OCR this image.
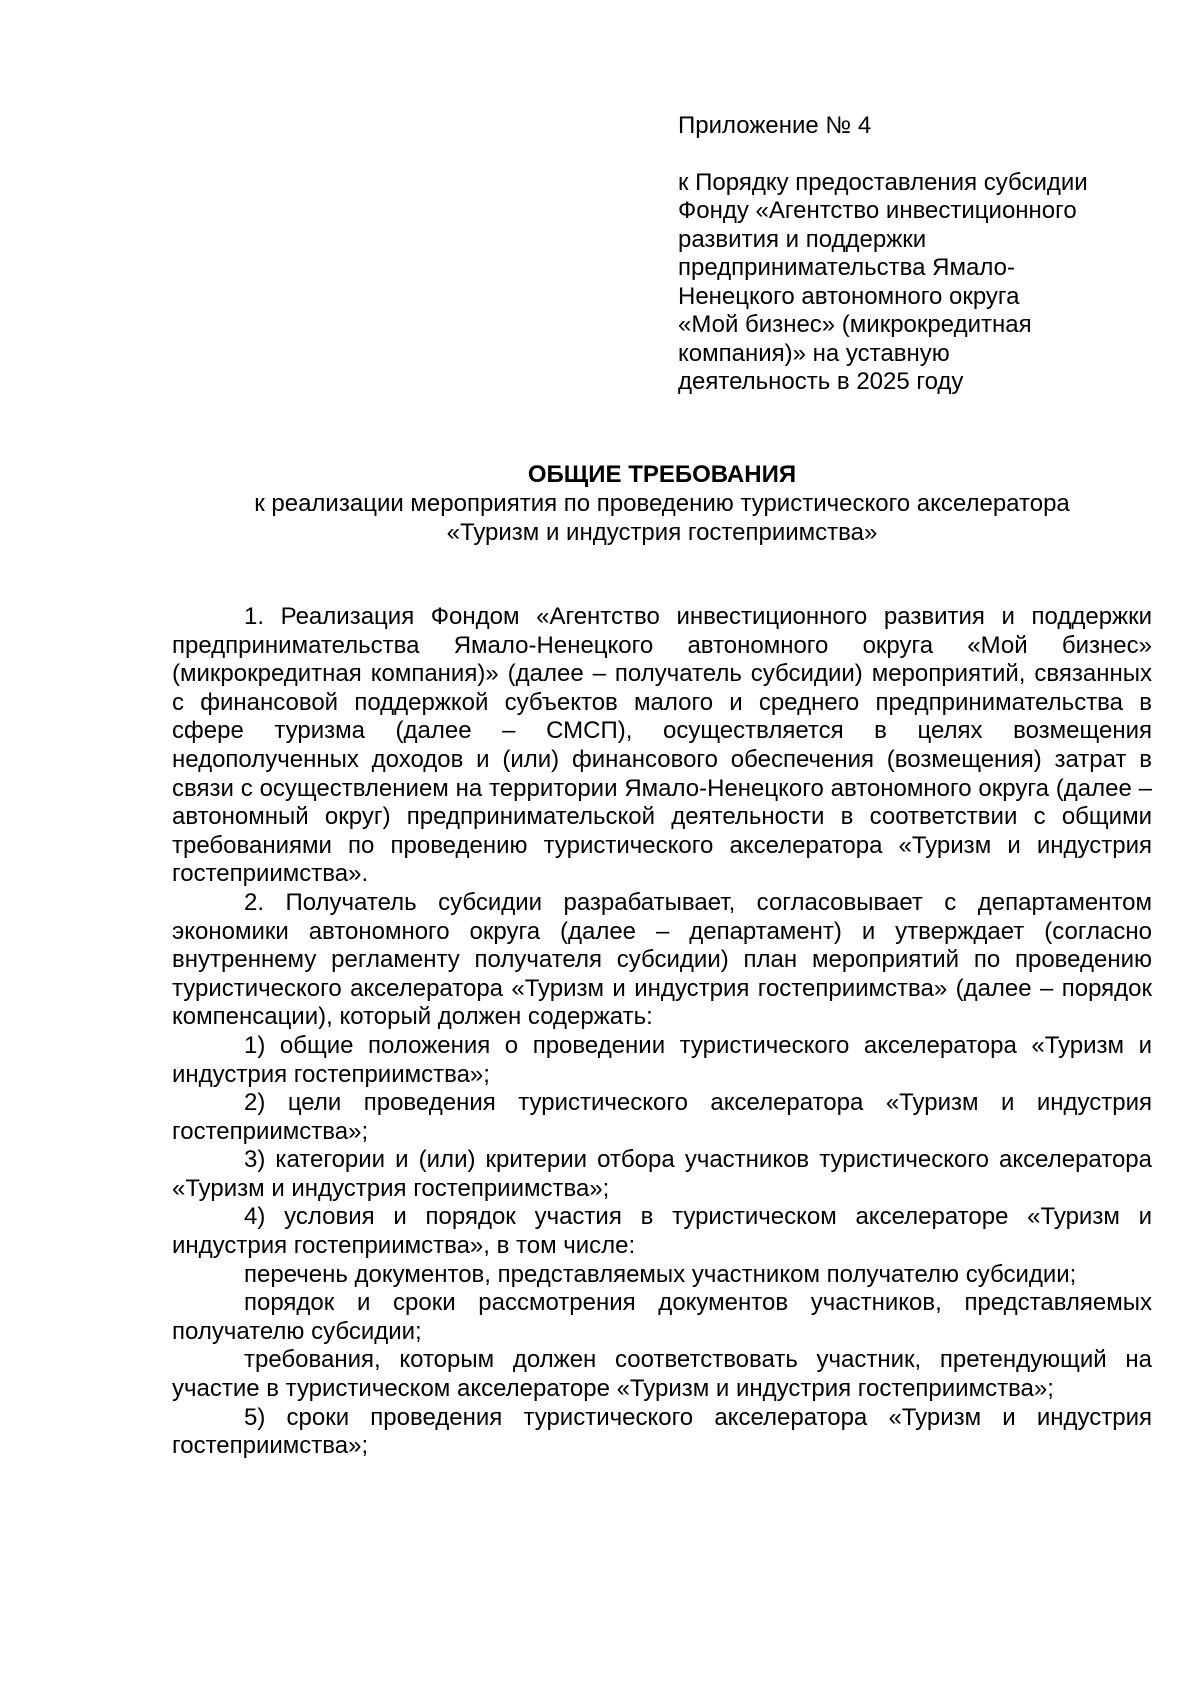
Приложение № 4
к Порядку предоставления субсидии
Фонду «Агентство инвестиционного
развития и поддержки
предпринимательства Ямало-
Ненецкого автономного округа
«Мой бизнес» (микрокредитная
компания)» на уставную
деятельность в 2025 году
ОБЩИЕ ТРЕБОВАНИЯ
к реализации мероприятия по проведению туристического акселератора
«Туризм и индустрия гостеприимства»

1. Реализация Фондом «Агентство инвестиционного развития и поддержки предпринимательства Ямало-Ненецкого автономного округа «Мой бизнес» (микрокредитная компания)» (далее – получатель субсидии) мероприятий, связанных с финансовой поддержкой субъектов малого и среднего предпринимательства в сфере туризма (далее – СМСП), осуществляется в целях возмещения недополученных доходов и (или) финансового обеспечения (возмещения) затрат в связи с осуществлением на территории Ямало-Ненецкого автономного округа (далее – автономный округ) предпринимательской деятельности в соответствии с общими требованиями по проведению туристического акселератора «Туризм и индустрия гостеприимства».

2. Получатель субсидии разрабатывает, согласовывает с департаментом экономики автономного округа (далее – департамент) и утверждает (согласно внутреннему регламенту получателя субсидии) план мероприятий по проведению туристического акселератора «Туризм и индустрия гостеприимства» (далее – порядок компенсации), который должен содержать:

1) общие положения о проведении туристического акселератора «Туризм и индустрия гостеприимства»;

2) цели проведения туристического акселератора «Туризм и индустрия гостеприимства»;

3) категории и (или) критерии отбора участников туристического акселератора «Туризм и индустрия гостеприимства»;

4) условия и порядок участия в туристическом акселераторе «Туризм и индустрия гостеприимства», в том числе:

перечень документов, представляемых участником получателю субсидии;

порядок и сроки рассмотрения документов участников, представляемых получателю субсидии;

требования, которым должен соответствовать участник, претендующий на участие в туристическом акселераторе «Туризм и индустрия гостеприимства»;

5) сроки проведения туристического акселератора «Туризм и индустрия гостеприимства»;
